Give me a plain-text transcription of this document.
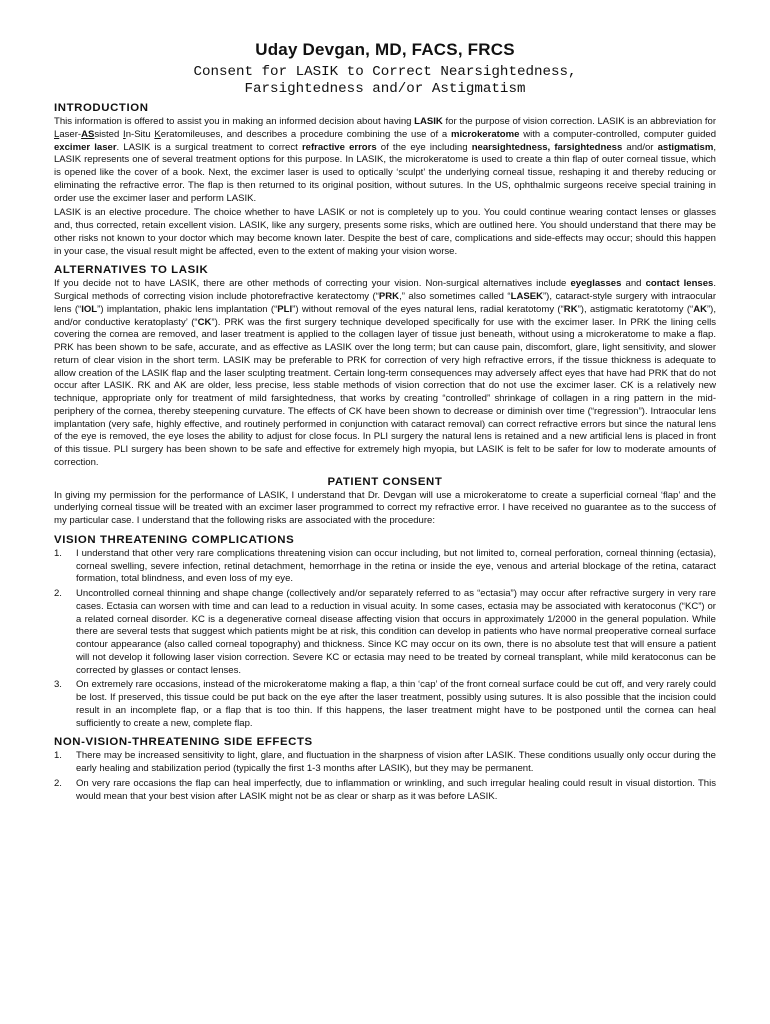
Uday Devgan, MD, FACS, FRCS

Consent for LASIK to Correct Nearsightedness,

Farsightedness and/or Astigmatism

INTRODUCTION

This information is offered to assist you in making an informed decision about having LASIK for the purpose of vision correction. LASIK is an abbreviation for Laser-ASsisted In-Situ Keratomileuses, and describes a procedure combining the use of a microkeratome with a computer-controlled, computer guided excimer laser. LASIK is a surgical treatment to correct refractive errors of the eye including nearsightedness, farsightedness and/or astigmatism, LASIK represents one of several treatment options for this purpose. In LASIK, the microkeratome is used to create a thin flap of outer corneal tissue, which is opened like the cover of a book. Next, the excimer laser is used to optically ‘sculpt’ the underlying corneal tissue, reshaping it and thereby reducing or eliminating the refractive error. The flap is then returned to its original position, without sutures. In the US, ophthalmic surgeons receive special training in order use the excimer laser and perform LASIK.

LASIK is an elective procedure. The choice whether to have LASIK or not is completely up to you. You could continue wearing contact lenses or glasses and, thus corrected, retain excellent vision. LASIK, like any surgery, presents some risks, which are outlined here. You should understand that there may be other risks not known to your doctor which may become known later. Despite the best of care, complications and side-effects may occur; should this happen in your case, the visual result might be affected, even to the extent of making your vision worse.

ALTERNATIVES TO LASIK

If you decide not to have LASIK, there are other methods of correcting your vision. Non-surgical alternatives include eyeglasses and contact lenses. Surgical methods of correcting vision include photorefractive keratectomy (“PRK,” also sometimes called “LASEK”), cataract-style surgery with intraocular lens (“IOL”) implantation, phakic lens implantation (“PLI”) without removal of the eyes natural lens, radial keratotomy (“RK”), astigmatic keratotomy (“AK”), and/or conductive keratoplasty’ (“CK”). PRK was the first surgery technique developed specifically for use with the excimer laser. In PRK the lining cells covering the cornea are removed, and laser treatment is applied to the collagen layer of tissue just beneath, without using a microkeratome to make a flap. PRK has been shown to be safe, accurate, and as effective as LASIK over the long term; but can cause pain, discomfort, glare, light sensitivity, and slower return of clear vision in the short term. LASIK may be preferable to PRK for correction of very high refractive errors, if the tissue thickness is adequate to allow creation of the LASIK flap and the laser sculpting treatment. Certain long-term consequences may adversely affect eyes that have had PRK that do not occur after LASIK. RK and AK are older, less precise, less stable methods of vision correction that do not use the excimer laser. CK is a relatively new technique, appropriate only for treatment of mild farsightedness, that works by creating “controlled” shrinkage of collagen in a ring pattern in the mid-periphery of the cornea, thereby steepening curvature. The effects of CK have been shown to decrease or diminish over time (“regression”). Intraocular lens implantation (very safe, highly effective, and routinely performed in conjunction with cataract removal) can correct refractive errors but since the natural lens of the eye is removed, the eye loses the ability to adjust for close focus. In PLI surgery the natural lens is retained and a new artificial lens is placed in front of this tissue. PLI surgery has been shown to be safe and effective for extremely high myopia, but LASIK is felt to be safer for low to moderate amounts of correction.

PATIENT CONSENT

In giving my permission for the performance of LASIK, I understand that Dr. Devgan will use a microkeratome to create a superficial corneal ‘flap’ and the underlying corneal tissue will be treated with an excimer laser programmed to correct my refractive error. I have received no guarantee as to the success of my particular case. I understand that the following risks are associated with the procedure:

VISION THREATENING COMPLICATIONS
1. I understand that other very rare complications threatening vision can occur including, but not limited to, corneal perforation, corneal thinning (ectasia), corneal swelling, severe infection, retinal detachment, hemorrhage in the retina or inside the eye, venous and arterial blockage of the retina, cataract formation, total blindness, and even loss of my eye.
2. Uncontrolled corneal thinning and shape change (collectively and/or separately referred to as “ectasia”) may occur after refractive surgery in very rare cases. Ectasia can worsen with time and can lead to a reduction in visual acuity. In some cases, ectasia may be associated with keratoconus (“KC”) or a related corneal disorder. KC is a degenerative corneal disease affecting vision that occurs in approximately 1/2000 in the general population. While there are several tests that suggest which patients might be at risk, this condition can develop in patients who have normal preoperative corneal surface contour appearance (also called corneal topography) and thickness. Since KC may occur on its own, there is no absolute test that will ensure a patient will not develop it following laser vision correction. Severe KC or ectasia may need to be treated by corneal transplant, while mild keratoconus can be corrected by glasses or contact lenses.
3. On extremely rare occasions, instead of the microkeratome making a flap, a thin ‘cap’ of the front corneal surface could be cut off, and very rarely could be lost. If preserved, this tissue could be put back on the eye after the laser treatment, possibly using sutures. It is also possible that the incision could result in an incomplete flap, or a flap that is too thin. If this happens, the laser treatment might have to be postponed until the cornea can heal sufficiently to create a new, complete flap.
NON-VISION-THREATENING SIDE EFFECTS
1. There may be increased sensitivity to light, glare, and fluctuation in the sharpness of vision after LASIK. These conditions usually only occur during the early healing and stabilization period (typically the first 1-3 months after LASIK), but they may be permanent.
2. On very rare occasions the flap can heal imperfectly, due to inflammation or wrinkling, and such irregular healing could result in visual distortion. This would mean that your best vision after LASIK might not be as clear or sharp as it was before LASIK.
